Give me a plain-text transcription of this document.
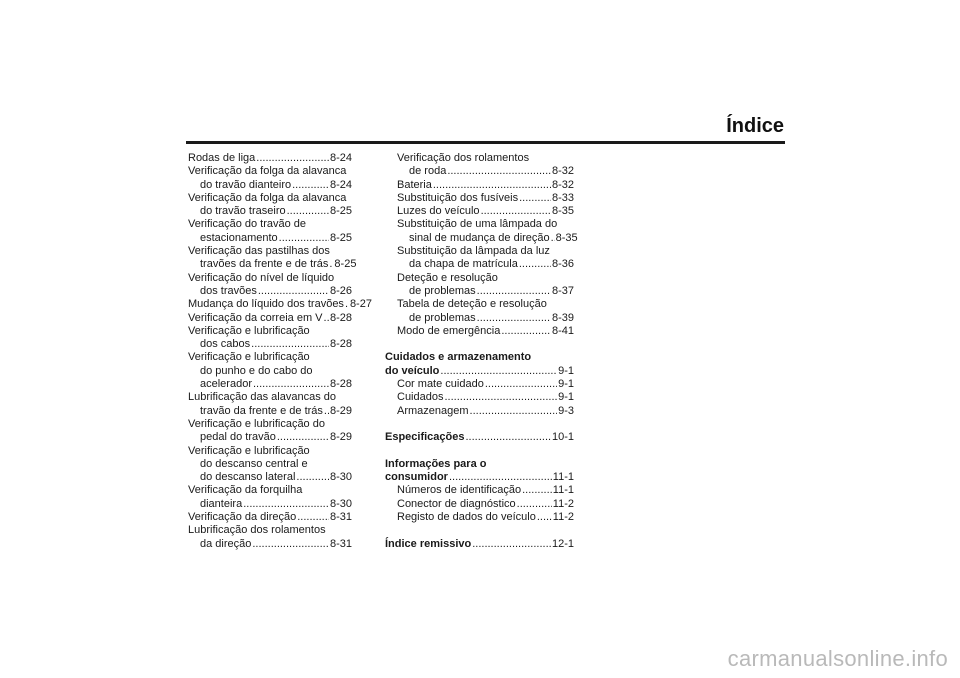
Índice
Rodas de liga .....	8-24
Verificação da folga da alavanca
do travão dianteiro .....	8-24
Verificação da folga da alavanca
do travão traseiro .....	8-25
Verificação do travão de
estacionamento .....	8-25
Verificação das pastilhas dos
travões da frente e de trás ..... 8-25
Verificação do nível de líquido
dos travões .....	8-26
Mudança do líquido dos travões ..... 8-27
Verificação da correia em V ..... 8-28
Verificação e lubrificação
dos cabos .....	8-28
Verificação e lubrificação
do punho e do cabo do
acelerador .....	8-28
Lubrificação das alavancas do
travão da frente e de trás ..... 8-29
Verificação e lubrificação do
pedal do travão .....	8-29
Verificação e lubrificação
do descanso central e
do descanso lateral .....	8-30
Verificação da forquilha
dianteira .....	8-30
Verificação da direção .....	8-31
Lubrificação dos rolamentos
da direção .....	8-31
Verificação dos rolamentos
de roda .....	8-32
Bateria .....	8-32
Substituição dos fusíveis .....	8-33
Luzes do veículo .....	8-35
Substituição de uma lâmpada do
sinal de mudança de direção ..... 8-35
Substituição da lâmpada da luz
da chapa de matrícula .....	8-36
Deteção e resolução
de problemas .....	8-37
Tabela de deteção e resolução
de problemas .....	8-39
Modo de emergência .....	8-41
Cuidados e armazenamento
do veículo .....	9-1
Cor mate cuidado .....	9-1
Cuidados .....	9-1
Armazenagem .....	9-3
Especificações .....	10-1
Informações para o
consumidor .....	11-1
Números de identificação .....	11-1
Conector de diagnóstico .....	11-2
Registo de dados do veículo ..... 11-2
Índice remissivo .....	12-1
carmanualsonline.info
